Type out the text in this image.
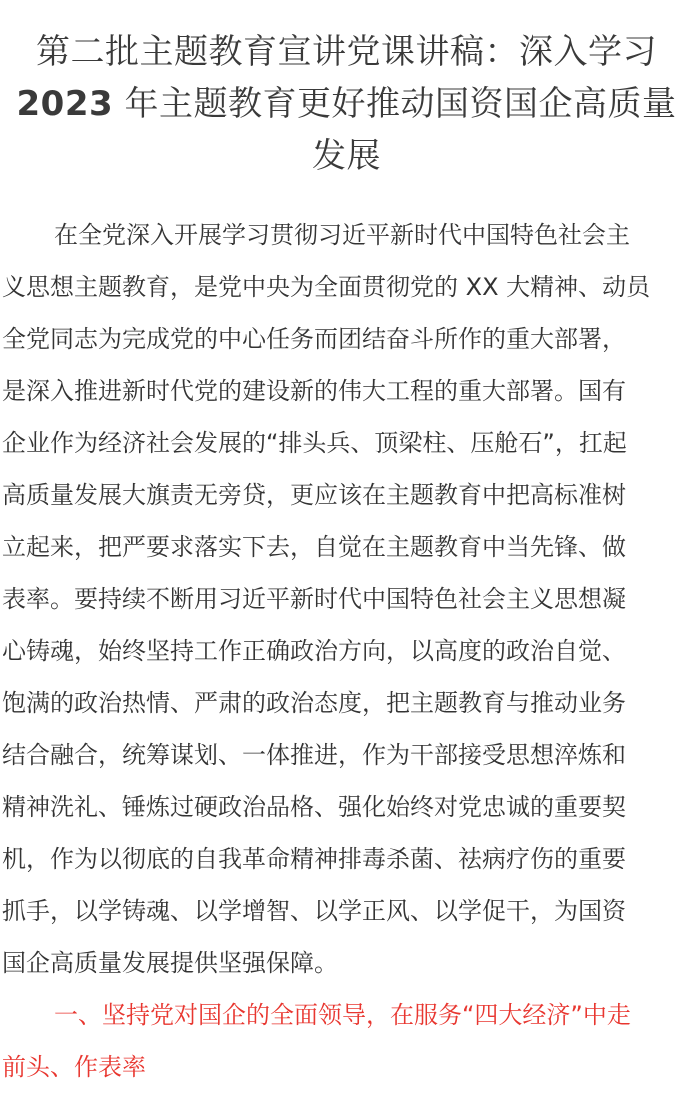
第二批主题教育宣讲党课讲稿：深入学习
2023 年主题教育更好推动国资国企高质量
发展
在全党深入开展学习贯彻习近平新时代中国特色社会主
义思想主题教育，是党中央为全面贯彻党的 XX 大精神、动员
全党同志为完成党的中心任务而团结奋斗所作的重大部署，
是深入推进新时代党的建设新的伟大工程的重大部署。国有
企业作为经济社会发展的“排头兵、顶梁柱、压舱石”，扛起
高质量发展大旗责无旁贷，更应该在主题教育中把高标准树
立起来，把严要求落实下去，自觉在主题教育中当先锋、做
表率。要持续不断用习近平新时代中国特色社会主义思想凝
心铸魂，始终坚持工作正确政治方向，以高度的政治自觉、
饱满的政治热情、严肃的政治态度，把主题教育与推动业务
结合融合，统筹谋划、一体推进，作为干部接受思想淬炼和
精神洗礼、锤炼过硬政治品格、强化始终对党忠诚的重要契
机，作为以彻底的自我革命精神排毒杀菌、祛病疗伤的重要
抓手，以学铸魂、以学增智、以学正风、以学促干，为国资
国企高质量发展提供坚强保障。
一、坚持党对国企的全面领导，在服务“四大经济”中走
前头、作表率
